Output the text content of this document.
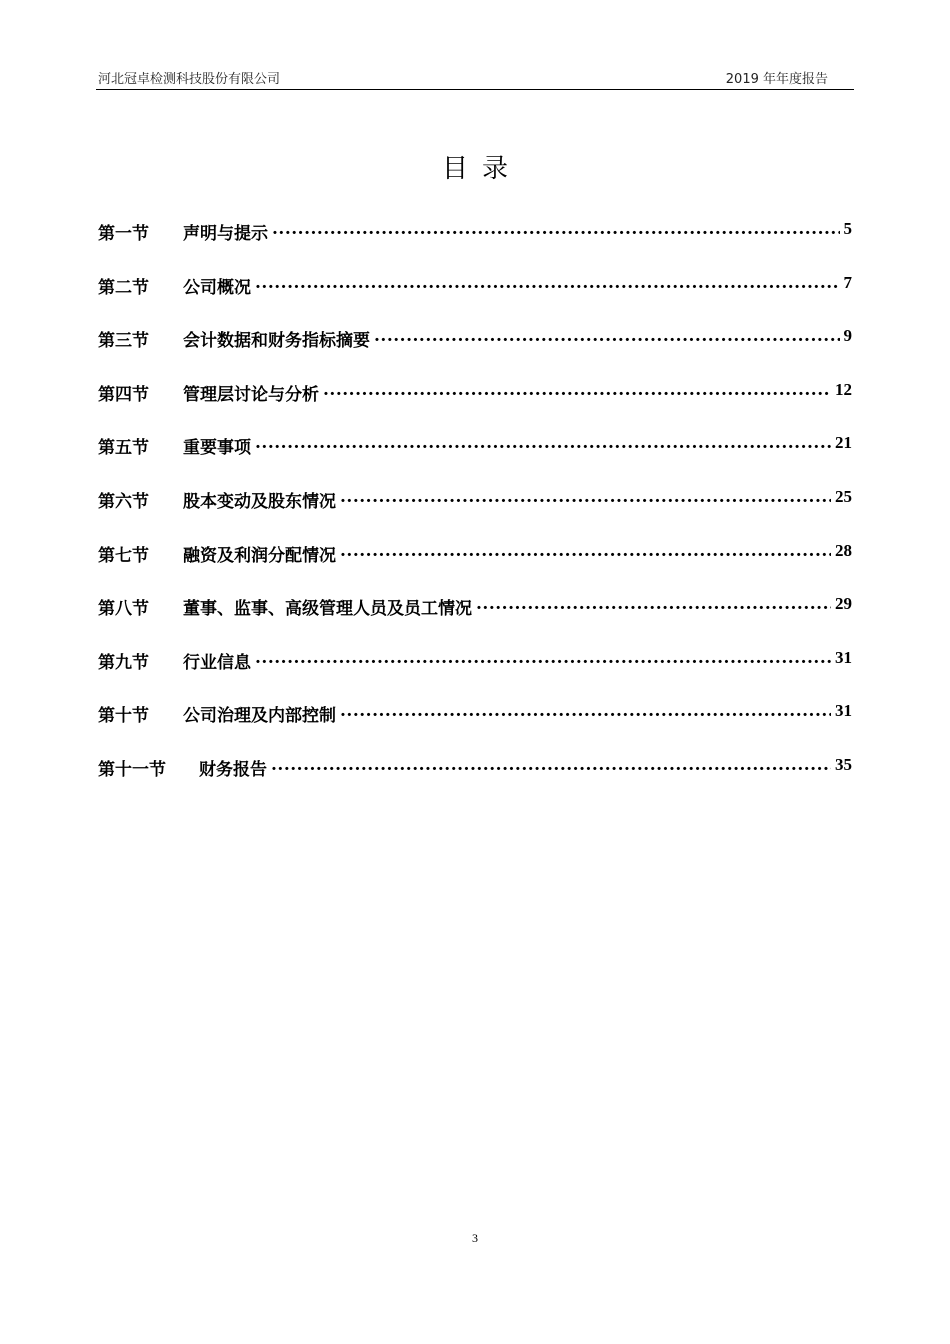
河北冠卓检测科技股份有限公司	2019 年年度报告
目录
第一节	声明与提示 .....	5
第二节	公司概况 .....	7
第三节	会计数据和财务指标摘要 .....	9
第四节	管理层讨论与分析 .....	12
第五节	重要事项 .....	21
第六节	股本变动及股东情况 .....	25
第七节	融资及利润分配情况 .....	28
第八节	董事、监事、高级管理人员及员工情况 .....	29
第九节	行业信息 .....	31
第十节	公司治理及内部控制 .....	31
第十一节	财务报告 .....	35
3
